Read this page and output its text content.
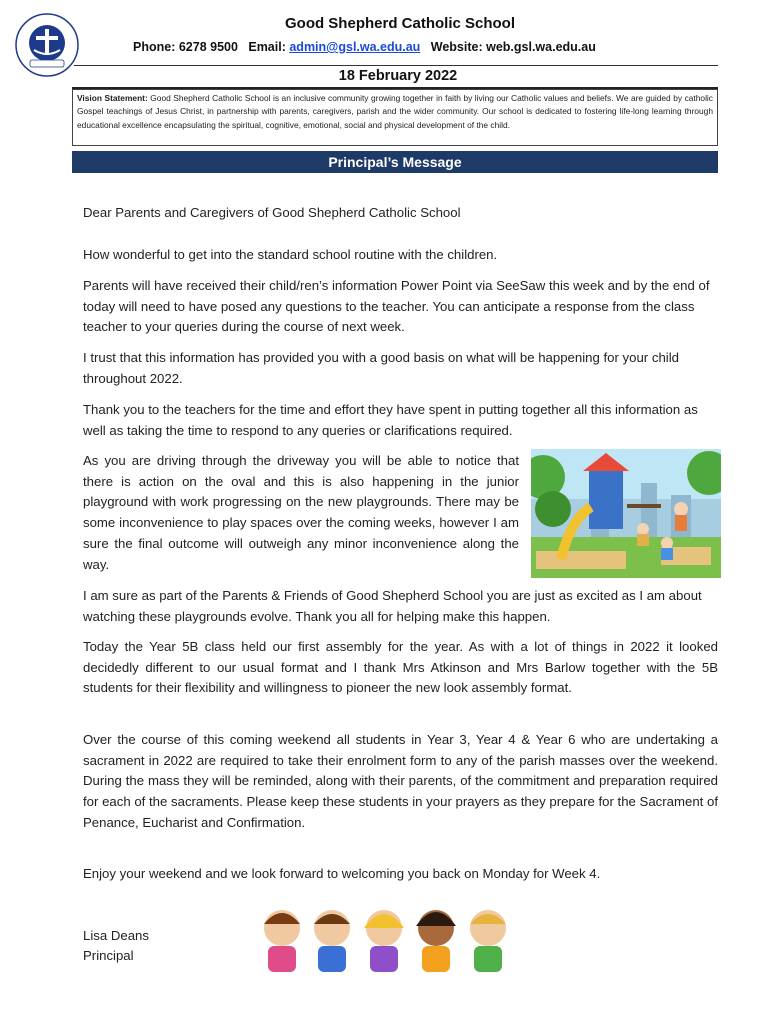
Good Shepherd Catholic School
Phone: 6278 9500 Email: admin@gsl.wa.edu.au Website: web.gsl.wa.edu.au
18 February 2022
Vision Statement: Good Shepherd Catholic School is an inclusive community growing together in faith by living our Catholic values and beliefs. We are guided by catholic Gospel teachings of Jesus Christ, in partnership with parents, caregivers, parish and the wider community. Our school is dedicated to fostering life-long learning through educational excellence encapsulating the spiritual, cognitive, emotional, social and physical development of the child.
Principal’s Message

Dear Parents and Caregivers of Good Shepherd Catholic School

How wonderful to get into the standard school routine with the children.

Parents will have received their child/ren’s information Power Point via SeeSaw this week and by the end of today will need to have posed any questions to the teacher. You can anticipate a response from the class teacher to your queries during the course of next week.

I trust that this information has provided you with a good basis on what will be happening for your child throughout 2022.

Thank you to the teachers for the time and effort they have spent in putting together all this information as well as taking the time to respond to any queries or clarifications required.

As you are driving through the driveway you will be able to notice that there is action on the oval and this is also happening in the junior playground with work progressing on the new playgrounds. There may be some inconvenience to play spaces over the coming weeks, however I am sure the final outcome will outweigh any minor inconvenience along the way.

I am sure as part of the Parents & Friends of Good Shepherd School you are just as excited as I am about watching these playgrounds evolve. Thank you all for helping make this happen.

Today the Year 5B class held our first assembly for the year. As with a lot of things in 2022 it looked decidedly different to our usual format and I thank Mrs Atkinson and Mrs Barlow together with the 5B students for their flexibility and willingness to pioneer the new look assembly format.

Over the course of this coming weekend all students in Year 3, Year 4 & Year 6 who are undertaking a sacrament in 2022 are required to take their enrolment form to any of the parish masses over the weekend. During the mass they will be reminded, along with their parents, of the commitment and preparation required for each of the sacraments. Please keep these students in your prayers as they prepare for the Sacrament of Penance, Eucharist and Confirmation.

Enjoy your weekend and we look forward to welcoming you back on Monday for Week 4.

Lisa Deans

Principal
